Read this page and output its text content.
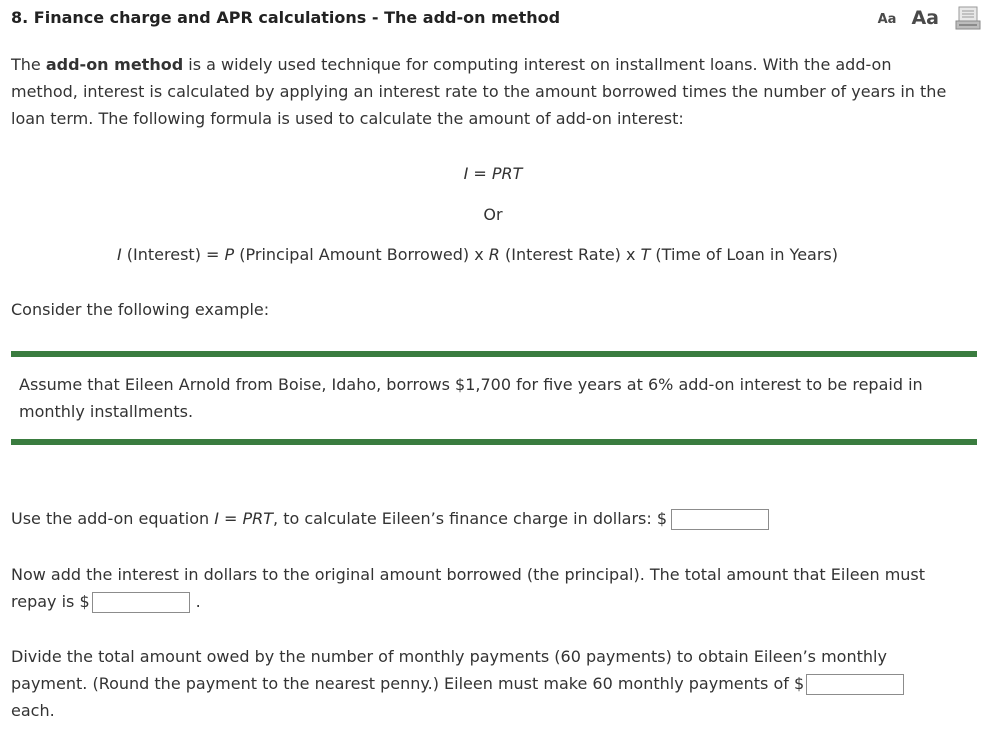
8. Finance charge and APR calculations - The add-on method	Aa Aa
The add-on method is a widely used technique for computing interest on installment loans. With the add-on
method, interest is calculated by applying an interest rate to the amount borrowed times the number of years in the
loan term. The following formula is used to calculate the amount of add-on interest:
I = PRT
Or
I (Interest) = P (Principal Amount Borrowed) x R (Interest Rate) x T (Time of Loan in Years)
Consider the following example:
Assume that Eileen Arnold from Boise, Idaho, borrows $1,700 for five years at 6% add-on interest to be repaid in
monthly installments.
Use the add-on equation I = PRT, to calculate Eileen’s finance charge in dollars: $
Now add the interest in dollars to the original amount borrowed (the principal). The total amount that Eileen must
repay is $	.
Divide the total amount owed by the number of monthly payments (60 payments) to obtain Eileen’s monthly
payment. (Round the payment to the nearest penny.) Eileen must make 60 monthly payments of $
each.
